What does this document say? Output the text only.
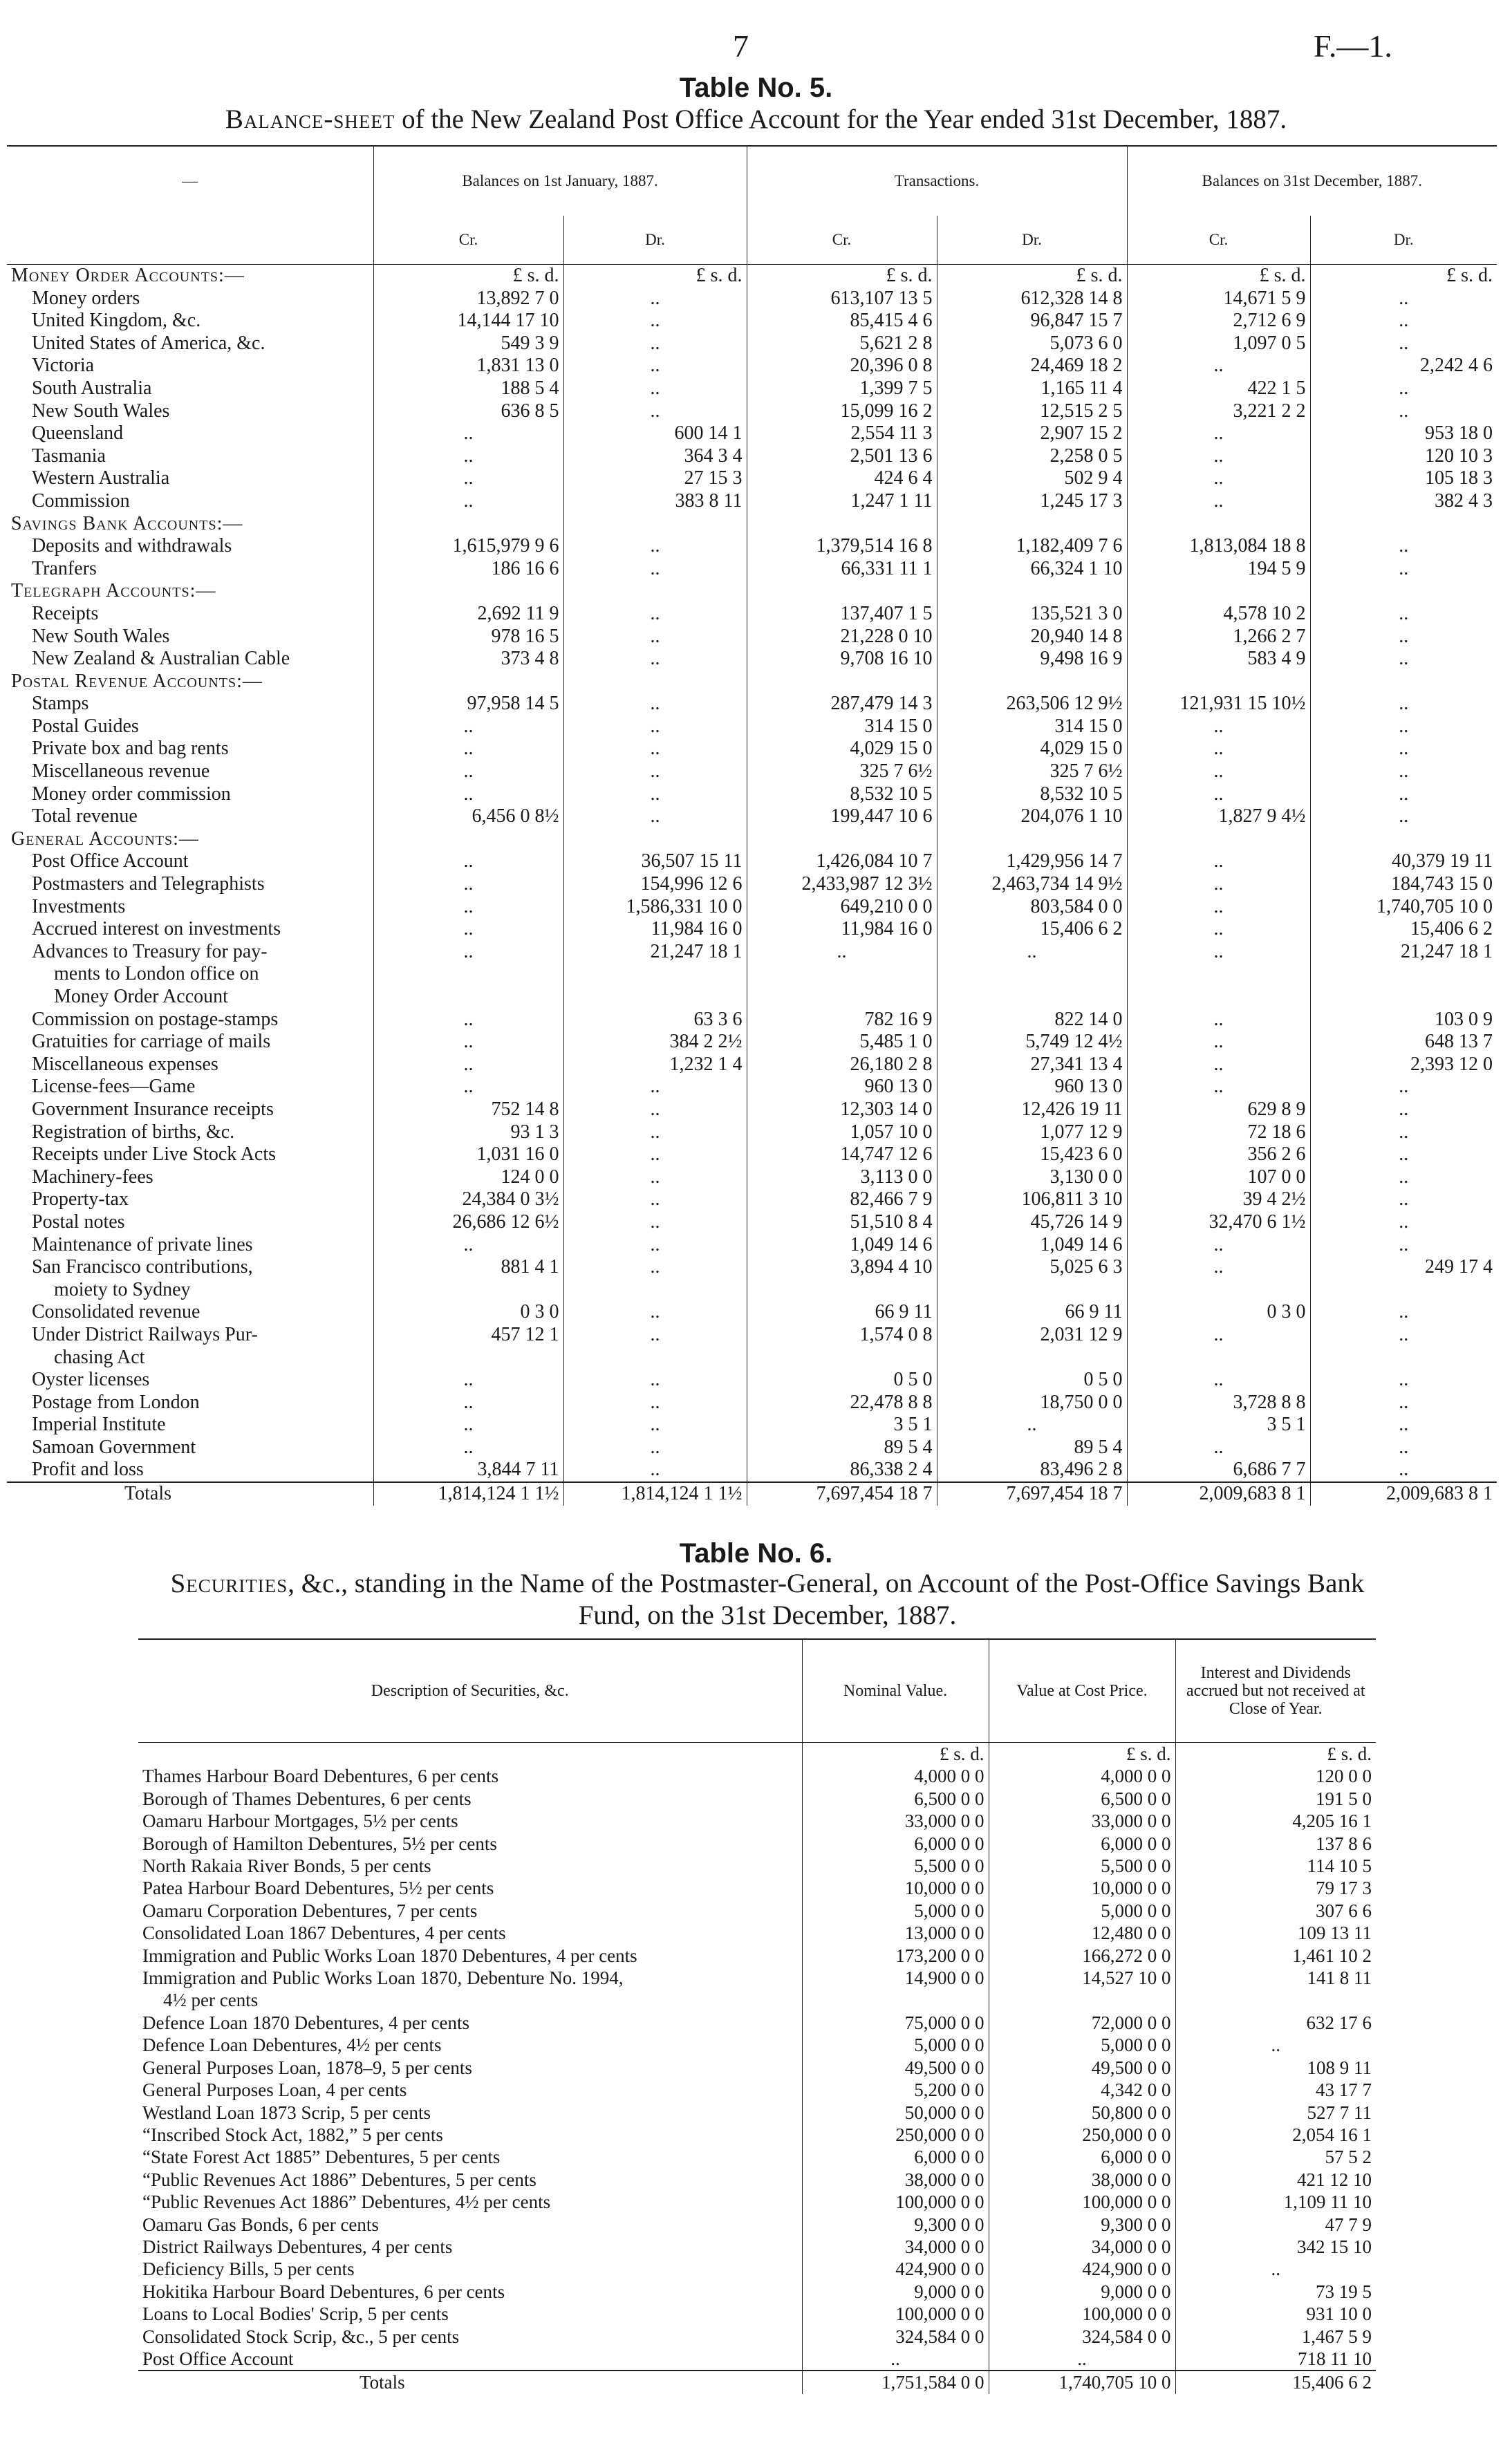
7	F.—1.
Table No. 5.
Balance-sheet of the New Zealand Post Office Account for the Year ended 31st December, 1887.
—	Balances on 1st January, 1887.		Transactions.		Balances on 31st December, 1887.	
	Cr.	Dr.	Cr.	Dr.	Cr.	Dr.
Money Order Accounts:—	£ s. d.	£ s. d.	£ s. d.	£ s. d.	£ s. d.	£ s. d.
Money orders	13,892 7 0	..	613,107 13 5	612,328 14 8	14,671 5 9	..
United Kingdom, &c.	14,144 17 10	..	85,415 4 6	96,847 15 7	2,712 6 9	..
United States of America, &c.	549 3 9	..	5,621 2 8	5,073 6 0	1,097 0 5	..
Victoria	1,831 13 0	..	20,396 0 8	24,469 18 2	..	2,242 4 6
South Australia	188 5 4	..	1,399 7 5	1,165 11 4	422 1 5	..
New South Wales	636 8 5	..	15,099 16 2	12,515 2 5	3,221 2 2	..
Queensland	..	600 14 1	2,554 11 3	2,907 15 2	..	953 18 0
Tasmania	..	364 3 4	2,501 13 6	2,258 0 5	..	120 10 3
Western Australia	..	27 15 3	424 6 4	502 9 4	..	105 18 3
Commission	..	383 8 11	1,247 1 11	1,245 17 3	..	382 4 3
Savings Bank Accounts:—						
Deposits and withdrawals	1,615,979 9 6	..	1,379,514 16 8	1,182,409 7 6	1,813,084 18 8	..
Tranfers	186 16 6	..	66,331 11 1	66,324 1 10	194 5 9	..
Telegraph Accounts:—						
Receipts	2,692 11 9	..	137,407 1 5	135,521 3 0	4,578 10 2	..
New South Wales	978 16 5	..	21,228 0 10	20,940 14 8	1,266 2 7	..
New Zealand & Australian Cable	373 4 8	..	9,708 16 10	9,498 16 9	583 4 9	..
Postal Revenue Accounts:—						
Stamps	97,958 14 5	..	287,479 14 3	263,506 12 9½	121,931 15 10½	..
Postal Guides	..	..	314 15 0	314 15 0	..	..
Private box and bag rents	..	..	4,029 15 0	4,029 15 0	..	..
Miscellaneous revenue	..	..	325 7 6½	325 7 6½	..	..
Money order commission	..	..	8,532 10 5	8,532 10 5	..	..
Total revenue	6,456 0 8½	..	199,447 10 6	204,076 1 10	1,827 9 4½	..
General Accounts:—						
Post Office Account	..	36,507 15 11	1,426,084 10 7	1,429,956 14 7	..	40,379 19 11
Postmasters and Telegraphists	..	154,996 12 6	2,433,987 12 3½	2,463,734 14 9½	..	184,743 15 0
Investments	..	1,586,331 10 0	649,210 0 0	803,584 0 0	..	1,740,705 10 0
Accrued interest on investments	..	11,984 16 0	11,984 16 0	15,406 6 2	..	15,406 6 2
Advances to Treasury for pay-	..	21,247 18 1	..	..	..	21,247 18 1
ments to London office on						
Money Order Account						
Commission on postage-stamps	..	63 3 6	782 16 9	822 14 0	..	103 0 9
Gratuities for carriage of mails	..	384 2 2½	5,485 1 0	5,749 12 4½	..	648 13 7
Miscellaneous expenses	..	1,232 1 4	26,180 2 8	27,341 13 4	..	2,393 12 0
License-fees—Game	..	..	960 13 0	960 13 0	..	..
Government Insurance receipts	752 14 8	..	12,303 14 0	12,426 19 11	629 8 9	..
Registration of births, &c.	93 1 3	..	1,057 10 0	1,077 12 9	72 18 6	..
Receipts under Live Stock Acts	1,031 16 0	..	14,747 12 6	15,423 6 0	356 2 6	..
Machinery-fees	124 0 0	..	3,113 0 0	3,130 0 0	107 0 0	..
Property-tax	24,384 0 3½	..	82,466 7 9	106,811 3 10	39 4 2½	..
Postal notes	26,686 12 6½	..	51,510 8 4	45,726 14 9	32,470 6 1½	..
Maintenance of private lines	..	..	1,049 14 6	1,049 14 6	..	..
San Francisco contributions,	881 4 1	..	3,894 4 10	5,025 6 3	..	249 17 4
moiety to Sydney						
Consolidated revenue	0 3 0	..	66 9 11	66 9 11	0 3 0	..
Under District Railways Pur-	457 12 1	..	1,574 0 8	2,031 12 9	..	..
chasing Act						
Oyster licenses	..	..	0 5 0	0 5 0	..	..
Postage from London	..	..	22,478 8 8	18,750 0 0	3,728 8 8	..
Imperial Institute	..	..	3 5 1	..	3 5 1	..
Samoan Government	..	..	89 5 4	89 5 4	..	..
Profit and loss	3,844 7 11	..	86,338 2 4	83,496 2 8	6,686 7 7	..
Totals	1,814,124 1 1½	1,814,124 1 1½	7,697,454 18 7	7,697,454 18 7	2,009,683 8 1	2,009,683 8 1
Table No. 6.
Securities, &c., standing in the Name of the Postmaster-General, on Account of the Post-Office Savings Bank Fund, on the 31st December, 1887.
Description of Securities, &c.	Nominal Value.	Value at Cost Price.	Interest and Dividends accrued but not received at Close of Year.
	£ s. d.	£ s. d.	£ s. d.
Thames Harbour Board Debentures, 6 per cents	4,000 0 0	4,000 0 0	120 0 0
Borough of Thames Debentures, 6 per cents	6,500 0 0	6,500 0 0	191 5 0
Oamaru Harbour Mortgages, 5½ per cents	33,000 0 0	33,000 0 0	4,205 16 1
Borough of Hamilton Debentures, 5½ per cents	6,000 0 0	6,000 0 0	137 8 6
North Rakaia River Bonds, 5 per cents	5,500 0 0	5,500 0 0	114 10 5
Patea Harbour Board Debentures, 5½ per cents	10,000 0 0	10,000 0 0	79 17 3
Oamaru Corporation Debentures, 7 per cents	5,000 0 0	5,000 0 0	307 6 6
Consolidated Loan 1867 Debentures, 4 per cents	13,000 0 0	12,480 0 0	109 13 11
Immigration and Public Works Loan 1870 Debentures, 4 per cents	173,200 0 0	166,272 0 0	1,461 10 2
Immigration and Public Works Loan 1870, Debenture No. 1994,	14,900 0 0	14,527 10 0	141 8 11
4½ per cents			
Defence Loan 1870 Debentures, 4 per cents	75,000 0 0	72,000 0 0	632 17 6
Defence Loan Debentures, 4½ per cents	5,000 0 0	5,000 0 0	..
General Purposes Loan, 1878–9, 5 per cents	49,500 0 0	49,500 0 0	108 9 11
General Purposes Loan, 4 per cents	5,200 0 0	4,342 0 0	43 17 7
Westland Loan 1873 Scrip, 5 per cents	50,000 0 0	50,800 0 0	527 7 11
“Inscribed Stock Act, 1882,” 5 per cents	250,000 0 0	250,000 0 0	2,054 16 1
“State Forest Act 1885” Debentures, 5 per cents	6,000 0 0	6,000 0 0	57 5 2
“Public Revenues Act 1886” Debentures, 5 per cents	38,000 0 0	38,000 0 0	421 12 10
“Public Revenues Act 1886” Debentures, 4½ per cents	100,000 0 0	100,000 0 0	1,109 11 10
Oamaru Gas Bonds, 6 per cents	9,300 0 0	9,300 0 0	47 7 9
District Railways Debentures, 4 per cents	34,000 0 0	34,000 0 0	342 15 10
Deficiency Bills, 5 per cents	424,900 0 0	424,900 0 0	..
Hokitika Harbour Board Debentures, 6 per cents	9,000 0 0	9,000 0 0	73 19 5
Loans to Local Bodies' Scrip, 5 per cents	100,000 0 0	100,000 0 0	931 10 0
Consolidated Stock Scrip, &c., 5 per cents	324,584 0 0	324,584 0 0	1,467 5 9
Post Office Account	..	..	718 11 10
Totals	1,751,584 0 0	1,740,705 10 0	15,406 6 2
